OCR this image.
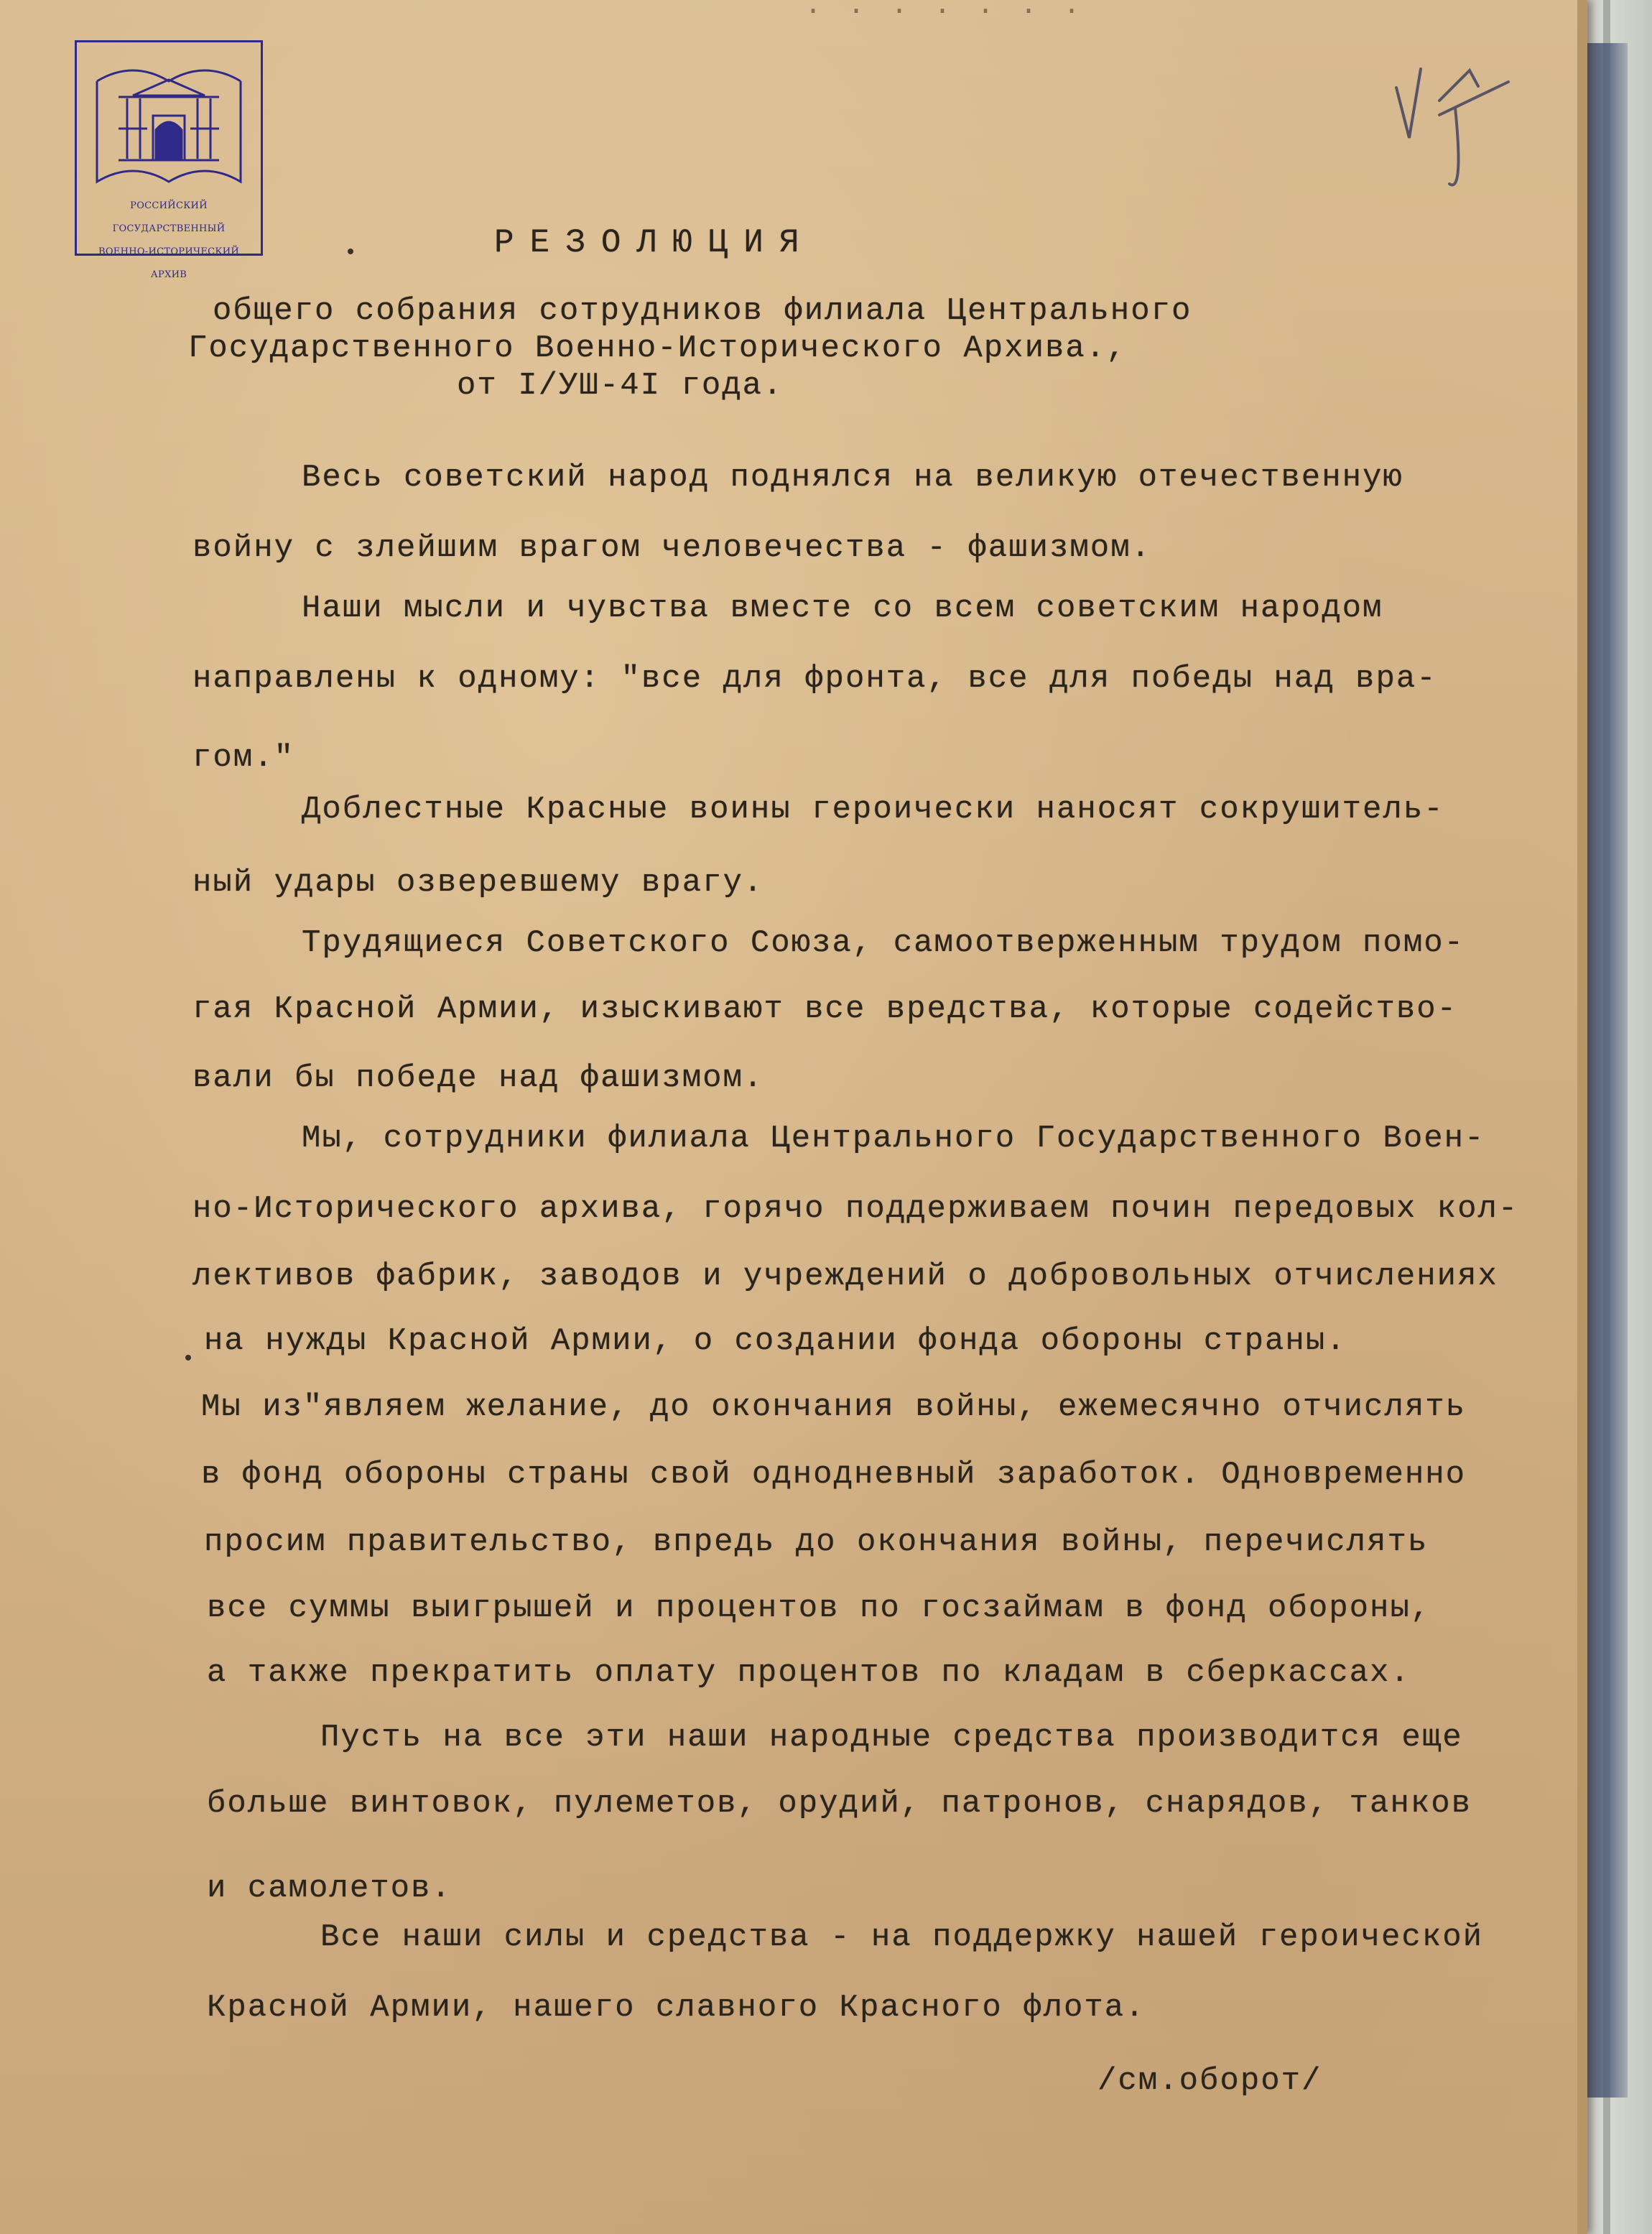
. . . . . . .

РОССИЙСКИЙ

ГОСУДАРСТВЕННЫЙ

ВОЕННО-ИСТОРИЧЕСКИЙ

АРХИВ

РЕЗОЛЮЦИЯ
общего собрания сотрудников филиала Центрального
Государственного Военно-Исторического Архива.,
от I/УШ-4I года.
Весь советский народ поднялся на великую отечественную
войну с злейшим врагом человечества - фашизмом.
Наши мысли и чувства вместе со всем советским народом
направлены к одному: "все для фронта, все для победы над вра-
гом."
Доблестные Красные воины героически наносят сокрушитель-
ный удары озверевшему врагу.
Трудящиеся Советского Союза, самоотверженным трудом помо-
гая Красной Армии, изыскивают все вредства, которые содейство-
вали бы победе над фашизмом.
Мы, сотрудники филиала Центрального Государственного Воен-
но-Исторического архива, горячо поддерживаем почин передовых кол-
лективов фабрик, заводов и учреждений о добровольных отчислениях
на нужды Красной Армии, о создании фонда обороны страны.
Мы из"являем желание, до окончания войны, ежемесячно отчислять
в фонд обороны страны свой однодневный заработок. Одновременно
просим правительство, впредь до окончания войны, перечислять
все суммы выигрышей и процентов по госзаймам в фонд обороны,
а также прекратить оплату процентов по кладам в сберкассах.
Пусть на все эти наши народные средства производится еще
больше винтовок, пулеметов, орудий, патронов, снарядов, танков
и самолетов.
Все наши силы и средства - на поддержку нашей героической
Красной Армии, нашего славного Красного флота.
/см.оборот/
